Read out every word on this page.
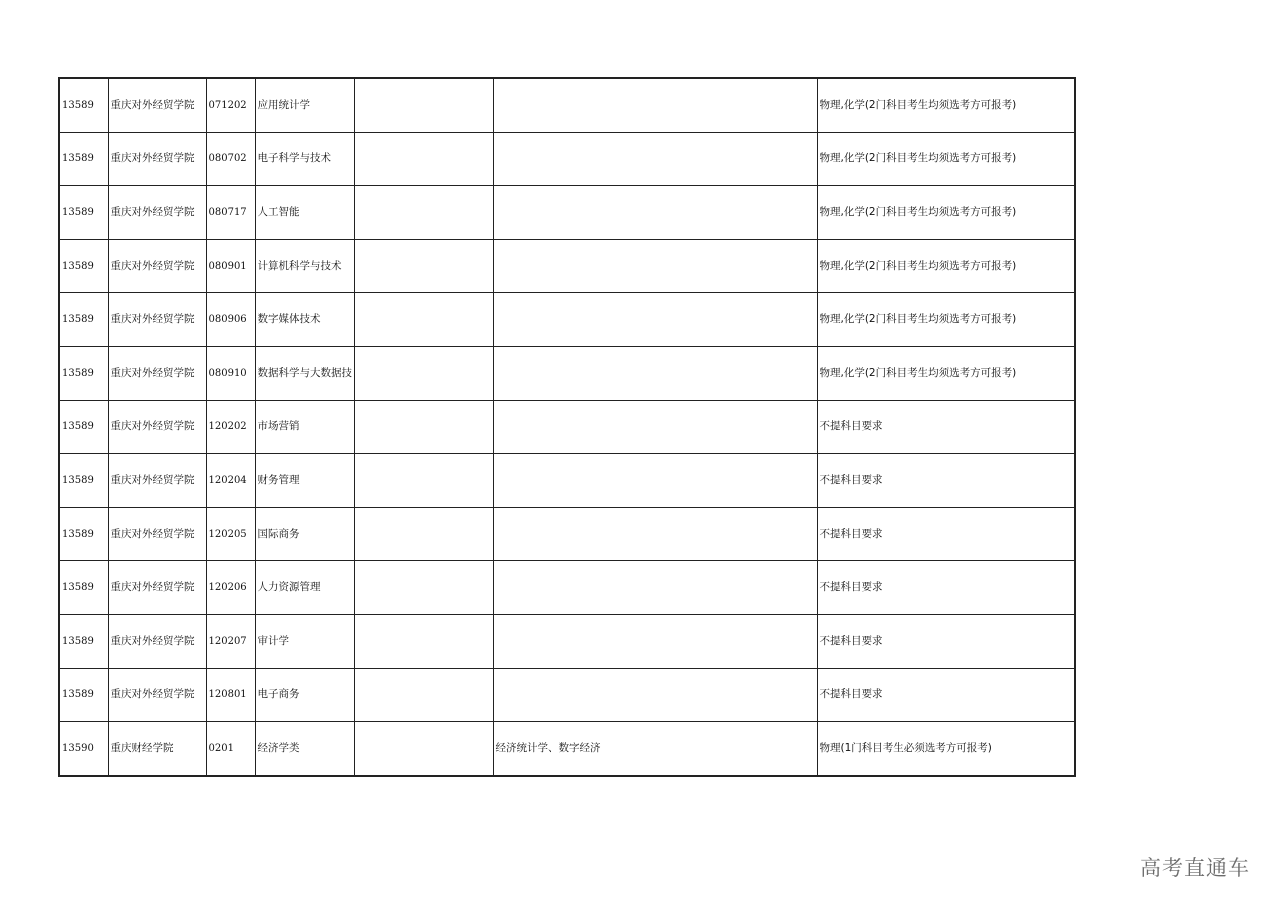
13589	重庆对外经贸学院	071202	应用统计学			物理,化学(2门科目考生均须选考方可报考)
13589	重庆对外经贸学院	080702	电子科学与技术			物理,化学(2门科目考生均须选考方可报考)
13589	重庆对外经贸学院	080717	人工智能			物理,化学(2门科目考生均须选考方可报考)
13589	重庆对外经贸学院	080901	计算机科学与技术			物理,化学(2门科目考生均须选考方可报考)
13589	重庆对外经贸学院	080906	数字媒体技术			物理,化学(2门科目考生均须选考方可报考)
13589	重庆对外经贸学院	080910	数据科学与大数据技			物理,化学(2门科目考生均须选考方可报考)
13589	重庆对外经贸学院	120202	市场营销			不提科目要求
13589	重庆对外经贸学院	120204	财务管理			不提科目要求
13589	重庆对外经贸学院	120205	国际商务			不提科目要求
13589	重庆对外经贸学院	120206	人力资源管理			不提科目要求
13589	重庆对外经贸学院	120207	审计学			不提科目要求
13589	重庆对外经贸学院	120801	电子商务			不提科目要求
13590	重庆财经学院	0201	经济学类		经济统计学、数字经济	物理(1门科目考生必须选考方可报考)
高考直通车
